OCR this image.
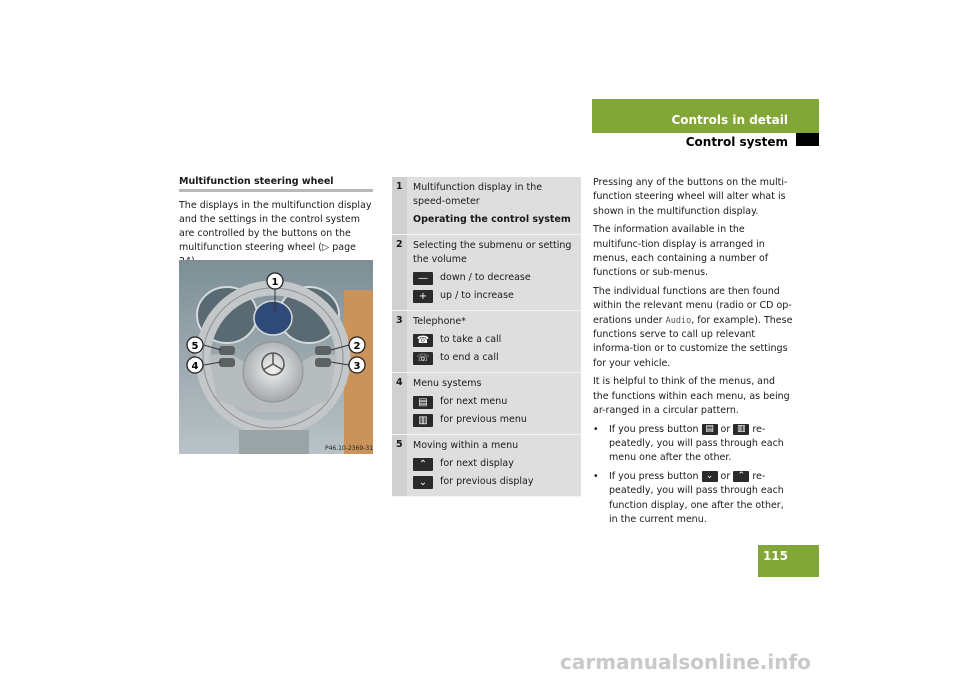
Controls in detail
Control system
115
Multifunction steering wheel
The displays in the multifunction display and the settings in the control system are controlled by the buttons on the multifunction steering wheel (▷ page
1
5
4
2
3
P46.10-2369-31
1	Multifunction display in the speed-ometer
Operating the control system
2	Selecting the submenu or setting the volume
—	down / to decrease
+	up / to increase
3	Telephone*
☎	to take a call
☏	to end a call
4	Menu systems
▤	for next menu
▥	for previous menu
5	Moving within a menu
⌃	for next display
⌄	for previous display

Pressing any of the buttons on the multi-function steering wheel will alter what is shown in the multifunction display.

The information available in the multifunc-tion display is arranged in menus, each containing a number of functions or sub-menus.

The individual functions are then found within the relevant menu (radio or CD op-erations under Audio, for example). These functions serve to call up relevant informa-tion or to customize the settings for your vehicle.

It is helpful to think of the menus, and the functions within each menu, as being ar-ranged in a circular pattern.

•	If you press button ▤ or ▥ re-peatedly, you will pass through each menu one after the other.
•	If you press button ⌄ or ⌃ re-peatedly, you will pass through each function display, one after the other, in the current menu.
carmanualsonline.info
